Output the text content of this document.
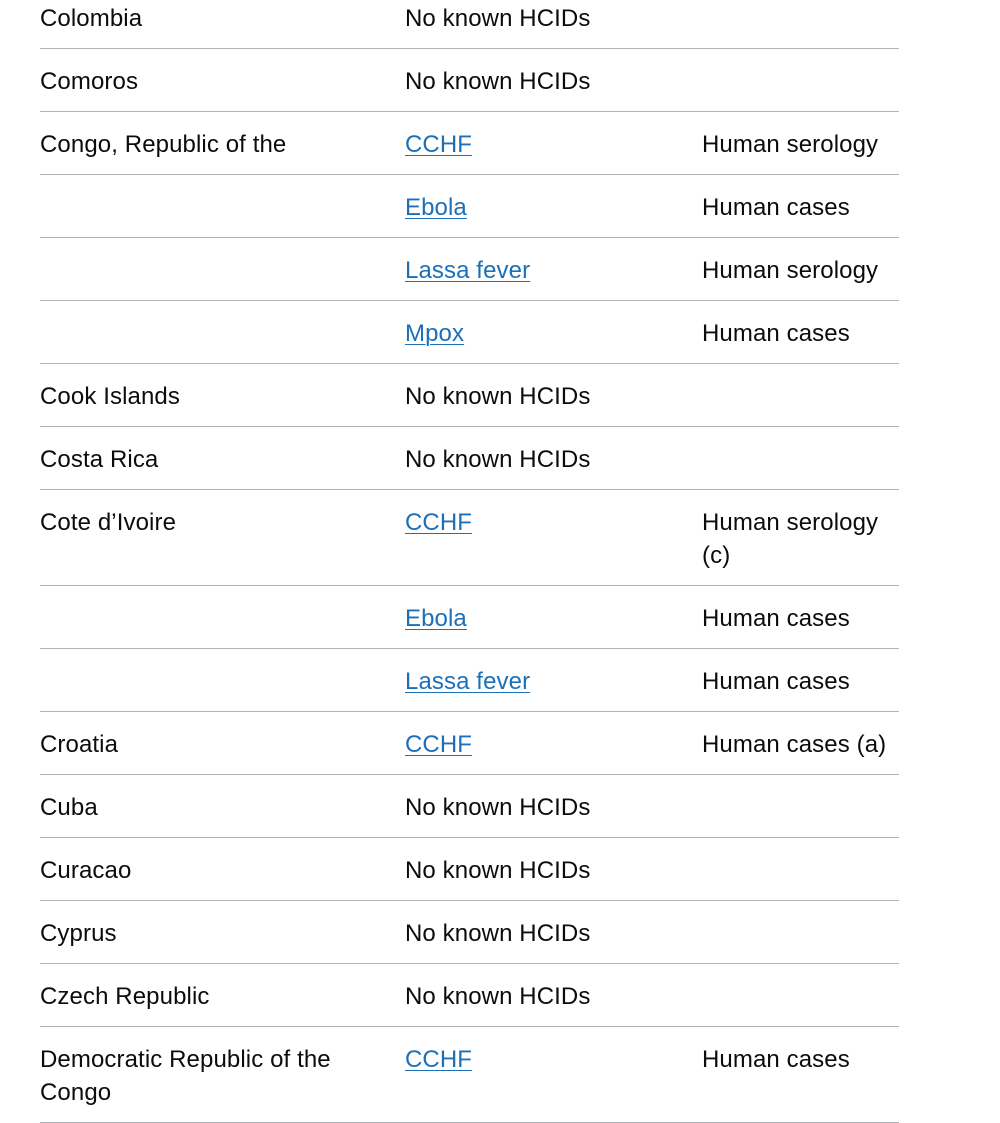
Colombia	No known HCIDs	
Comoros	No known HCIDs	
Congo, Republic of the	CCHF	Human serology
	Ebola	Human cases
	Lassa fever	Human serology
	Mpox	Human cases
Cook Islands	No known HCIDs	
Costa Rica	No known HCIDs	
Cote d’Ivoire	CCHF	Human serology (c)
	Ebola	Human cases
	Lassa fever	Human cases
Croatia	CCHF	Human cases (a)
Cuba	No known HCIDs	
Curacao	No known HCIDs	
Cyprus	No known HCIDs	
Czech Republic	No known HCIDs	
Democratic Republic of the Congo	CCHF	Human cases
